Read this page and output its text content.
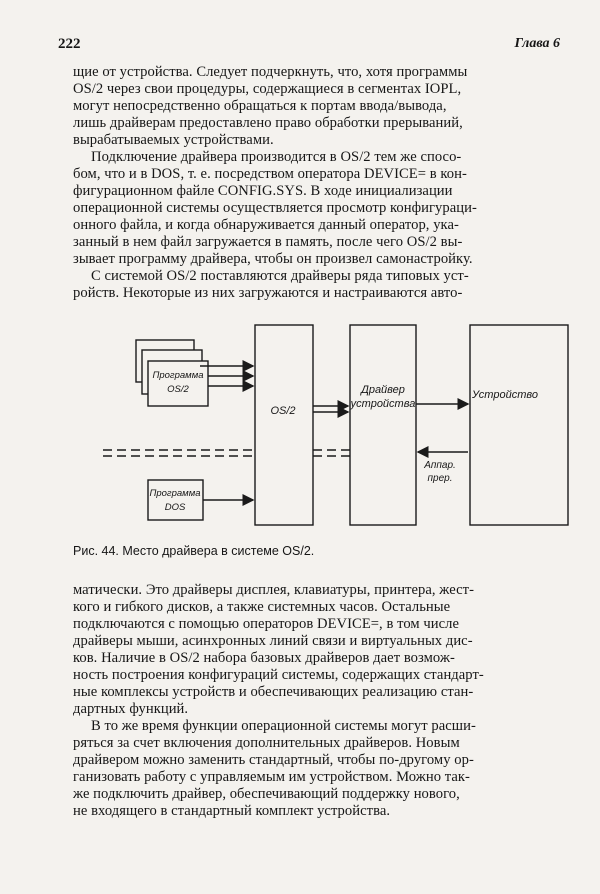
222	Глава 6
щие от устройства. Следует подчеркнуть, что, хотя программы
OS/2 через свои процедуры, содержащиеся в сегментах IOPL,
могут непосредственно обращаться к портам ввода/вывода,
лишь драйверам предоставлено право обработки прерываний,
вырабатываемых устройствами.
Подключение драйвера производится в OS/2 тем же спосо-
бом, что и в DOS, т. е. посредством оператора DEVICE= в кон-
фигурационном файле CONFIG.SYS. В ходе инициализации
операционной системы осуществляется просмотр конфигураци-
онного файла, и когда обнаруживается данный оператор, ука-
занный в нем файл загружается в память, после чего OS/2 вы-
зывает программу драйвера, чтобы он произвел самонастройку.
С системой OS/2 поставляются драйверы ряда типовых уст-
ройств. Некоторые из них загружаются и настраиваются авто-
Программа
OS/2
Программа
DOS
OS/2
Драйвер
устройства
Устройство
Аппар.
прер.
Рис. 44. Место драйвера в системе OS/2.
матически. Это драйверы дисплея, клавиатуры, принтера, жест-
кого и гибкого дисков, а также системных часов. Остальные
подключаются с помощью операторов DEVICE=, в том числе
драйверы мыши, асинхронных линий связи и виртуальных дис-
ков. Наличие в OS/2 набора базовых драйверов дает возмож-
ность построения конфигураций системы, содержащих стандарт-
ные комплексы устройств и обеспечивающих реализацию стан-
дартных функций.
В то же время функции операционной системы могут расши-
ряться за счет включения дополнительных драйверов. Новым
драйвером можно заменить стандартный, чтобы по-другому ор-
ганизовать работу с управляемым им устройством. Можно так-
же подключить драйвер, обеспечивающий поддержку нового,
не входящего в стандартный комплект устройства.
